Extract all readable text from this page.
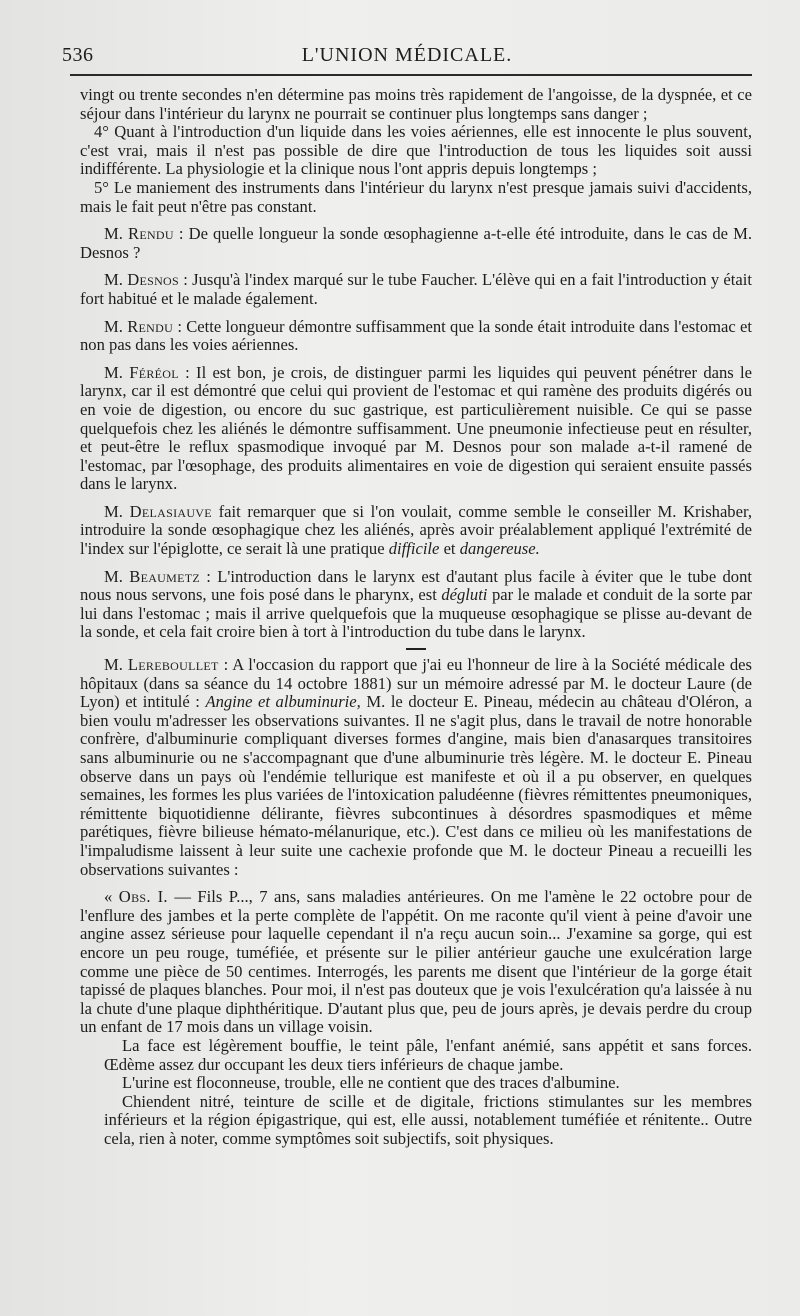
536	L'UNION MÉDICALE.

vingt ou trente secondes n'en détermine pas moins très rapidement de l'angoisse, de la dyspnée, et ce séjour dans l'intérieur du larynx ne pourrait se continuer plus longtemps sans danger ;

4° Quant à l'introduction d'un liquide dans les voies aériennes, elle est innocente le plus souvent, c'est vrai, mais il n'est pas possible de dire que l'introduction de tous les liquides soit aussi indifférente. La physiologie et la clinique nous l'ont appris depuis longtemps ;

5° Le maniement des instruments dans l'intérieur du larynx n'est presque jamais suivi d'accidents, mais le fait peut n'être pas constant.

M. Rendu : De quelle longueur la sonde œsophagienne a-t-elle été introduite, dans le cas de M. Desnos ?

M. Desnos : Jusqu'à l'index marqué sur le tube Faucher. L'élève qui en a fait l'introduction y était fort habitué et le malade également.

M. Rendu : Cette longueur démontre suffisamment que la sonde était introduite dans l'estomac et non pas dans les voies aériennes.

M. Féréol : Il est bon, je crois, de distinguer parmi les liquides qui peuvent pénétrer dans le larynx, car il est démontré que celui qui provient de l'estomac et qui ramène des produits digérés ou en voie de digestion, ou encore du suc gastrique, est particulièrement nuisible. Ce qui se passe quelquefois chez les aliénés le démontre suffisamment. Une pneumonie infectieuse peut en résulter, et peut-être le reflux spasmodique invoqué par M. Desnos pour son malade a-t-il ramené de l'estomac, par l'œsophage, des produits alimentaires en voie de digestion qui seraient ensuite passés dans le larynx.

M. Delasiauve fait remarquer que si l'on voulait, comme semble le conseiller M. Krishaber, introduire la sonde œsophagique chez les aliénés, après avoir préalablement appliqué l'extrémité de l'index sur l'épiglotte, ce serait là une pratique difficile et dangereuse.

M. Beaumetz : L'introduction dans le larynx est d'autant plus facile à éviter que le tube dont nous nous servons, une fois posé dans le pharynx, est dégluti par le malade et conduit de la sorte par lui dans l'estomac ; mais il arrive quelquefois que la muqueuse œsophagique se plisse au-devant de la sonde, et cela fait croire bien à tort à l'introduction du tube dans le larynx.

M. Lereboullet : A l'occasion du rapport que j'ai eu l'honneur de lire à la Société médicale des hôpitaux (dans sa séance du 14 octobre 1881) sur un mémoire adressé par M. le docteur Laure (de Lyon) et intitulé : Angine et albuminurie, M. le docteur E. Pineau, médecin au château d'Oléron, a bien voulu m'adresser les observations suivantes. Il ne s'agit plus, dans le travail de notre honorable confrère, d'albuminurie compliquant diverses formes d'angine, mais bien d'anasarques transitoires sans albuminurie ou ne s'accompagnant que d'une albuminurie très légère. M. le docteur E. Pineau observe dans un pays où l'endémie tellurique est manifeste et où il a pu observer, en quelques semaines, les formes les plus variées de l'intoxication paludéenne (fièvres rémittentes pneumoniques, rémittente biquotidienne délirante, fièvres subcontinues à désordres spasmodiques et même parétiques, fièvre bilieuse hémato-mélanurique, etc.). C'est dans ce milieu où les manifestations de l'impaludisme laissent à leur suite une cachexie profonde que M. le docteur Pineau a recueilli les observations suivantes :

« Obs. I. — Fils P..., 7 ans, sans maladies antérieures. On me l'amène le 22 octobre pour de l'enflure des jambes et la perte complète de l'appétit. On me raconte qu'il vient à peine d'avoir une angine assez sérieuse pour laquelle cependant il n'a reçu aucun soin... J'examine sa gorge, qui est encore un peu rouge, tuméfiée, et présente sur le pilier antérieur gauche une exulcération large comme une pièce de 50 centimes. Interrogés, les parents me disent que l'intérieur de la gorge était tapissé de plaques blanches. Pour moi, il n'est pas douteux que je vois l'exulcération qu'a laissée à nu la chute d'une plaque diphthéritique. D'autant plus que, peu de jours après, je devais perdre du croup un enfant de 17 mois dans un village voisin.

La face est légèrement bouffie, le teint pâle, l'enfant anémié, sans appétit et sans forces. Œdème assez dur occupant les deux tiers inférieurs de chaque jambe.

L'urine est floconneuse, trouble, elle ne contient que des traces d'albumine.

Chiendent nitré, teinture de scille et de digitale, frictions stimulantes sur les membres inférieurs et la région épigastrique, qui est, elle aussi, notablement tuméfiée et rénitente.. Outre cela, rien à noter, comme symptômes soit subjectifs, soit physiques.
